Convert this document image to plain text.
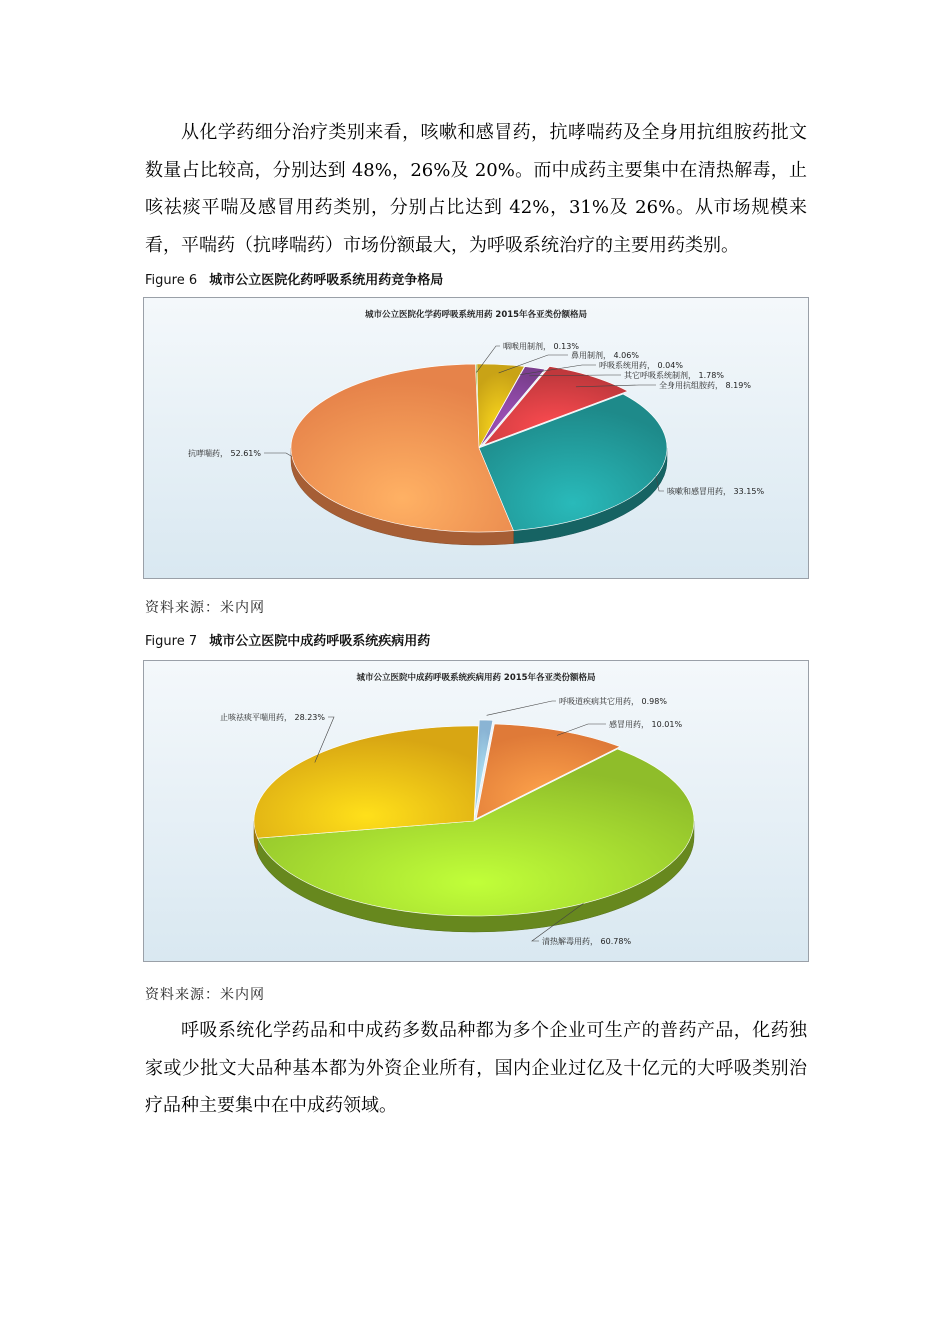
从化学药细分治疗类别来看，咳嗽和感冒药，抗哮喘药及全身用抗组胺药批文数量占比较高，分别达到 48%，26%及 20%。而中成药主要集中在清热解毒，止咳祛痰平喘及感冒用药类别，分别占比达到 42%，31%及 26%。从市场规模来看，平喘药（抗哮喘药）市场份额最大，为呼吸系统治疗的主要用药类别。

Figure 6 城市公立医院化药呼吸系统用药竞争格局
城市公立医院化学药呼吸系统用药 2015年各亚类份额格局
咽喉用制剂， 0.13%
鼻用制剂， 4.06%
呼吸系统用药， 0.04%
其它呼吸系统制剂， 1.78%
全身用抗组胺药， 8.19%
咳嗽和感冒用药， 33.15%
抗哮喘药， 52.61%
资料来源：米内网
Figure 7 城市公立医院中成药呼吸系统疾病用药
城市公立医院中成药呼吸系统疾病用药 2015年各亚类份额格局
呼吸道疾病其它用药， 0.98%
感冒用药， 10.01%
清热解毒用药， 60.78%
止咳祛痰平喘用药， 28.23%
资料来源：米内网

呼吸系统化学药品和中成药多数品种都为多个企业可生产的普药产品，化药独家或少批文大品种基本都为外资企业所有，国内企业过亿及十亿元的大呼吸类别治疗品种主要集中在中成药领域。
